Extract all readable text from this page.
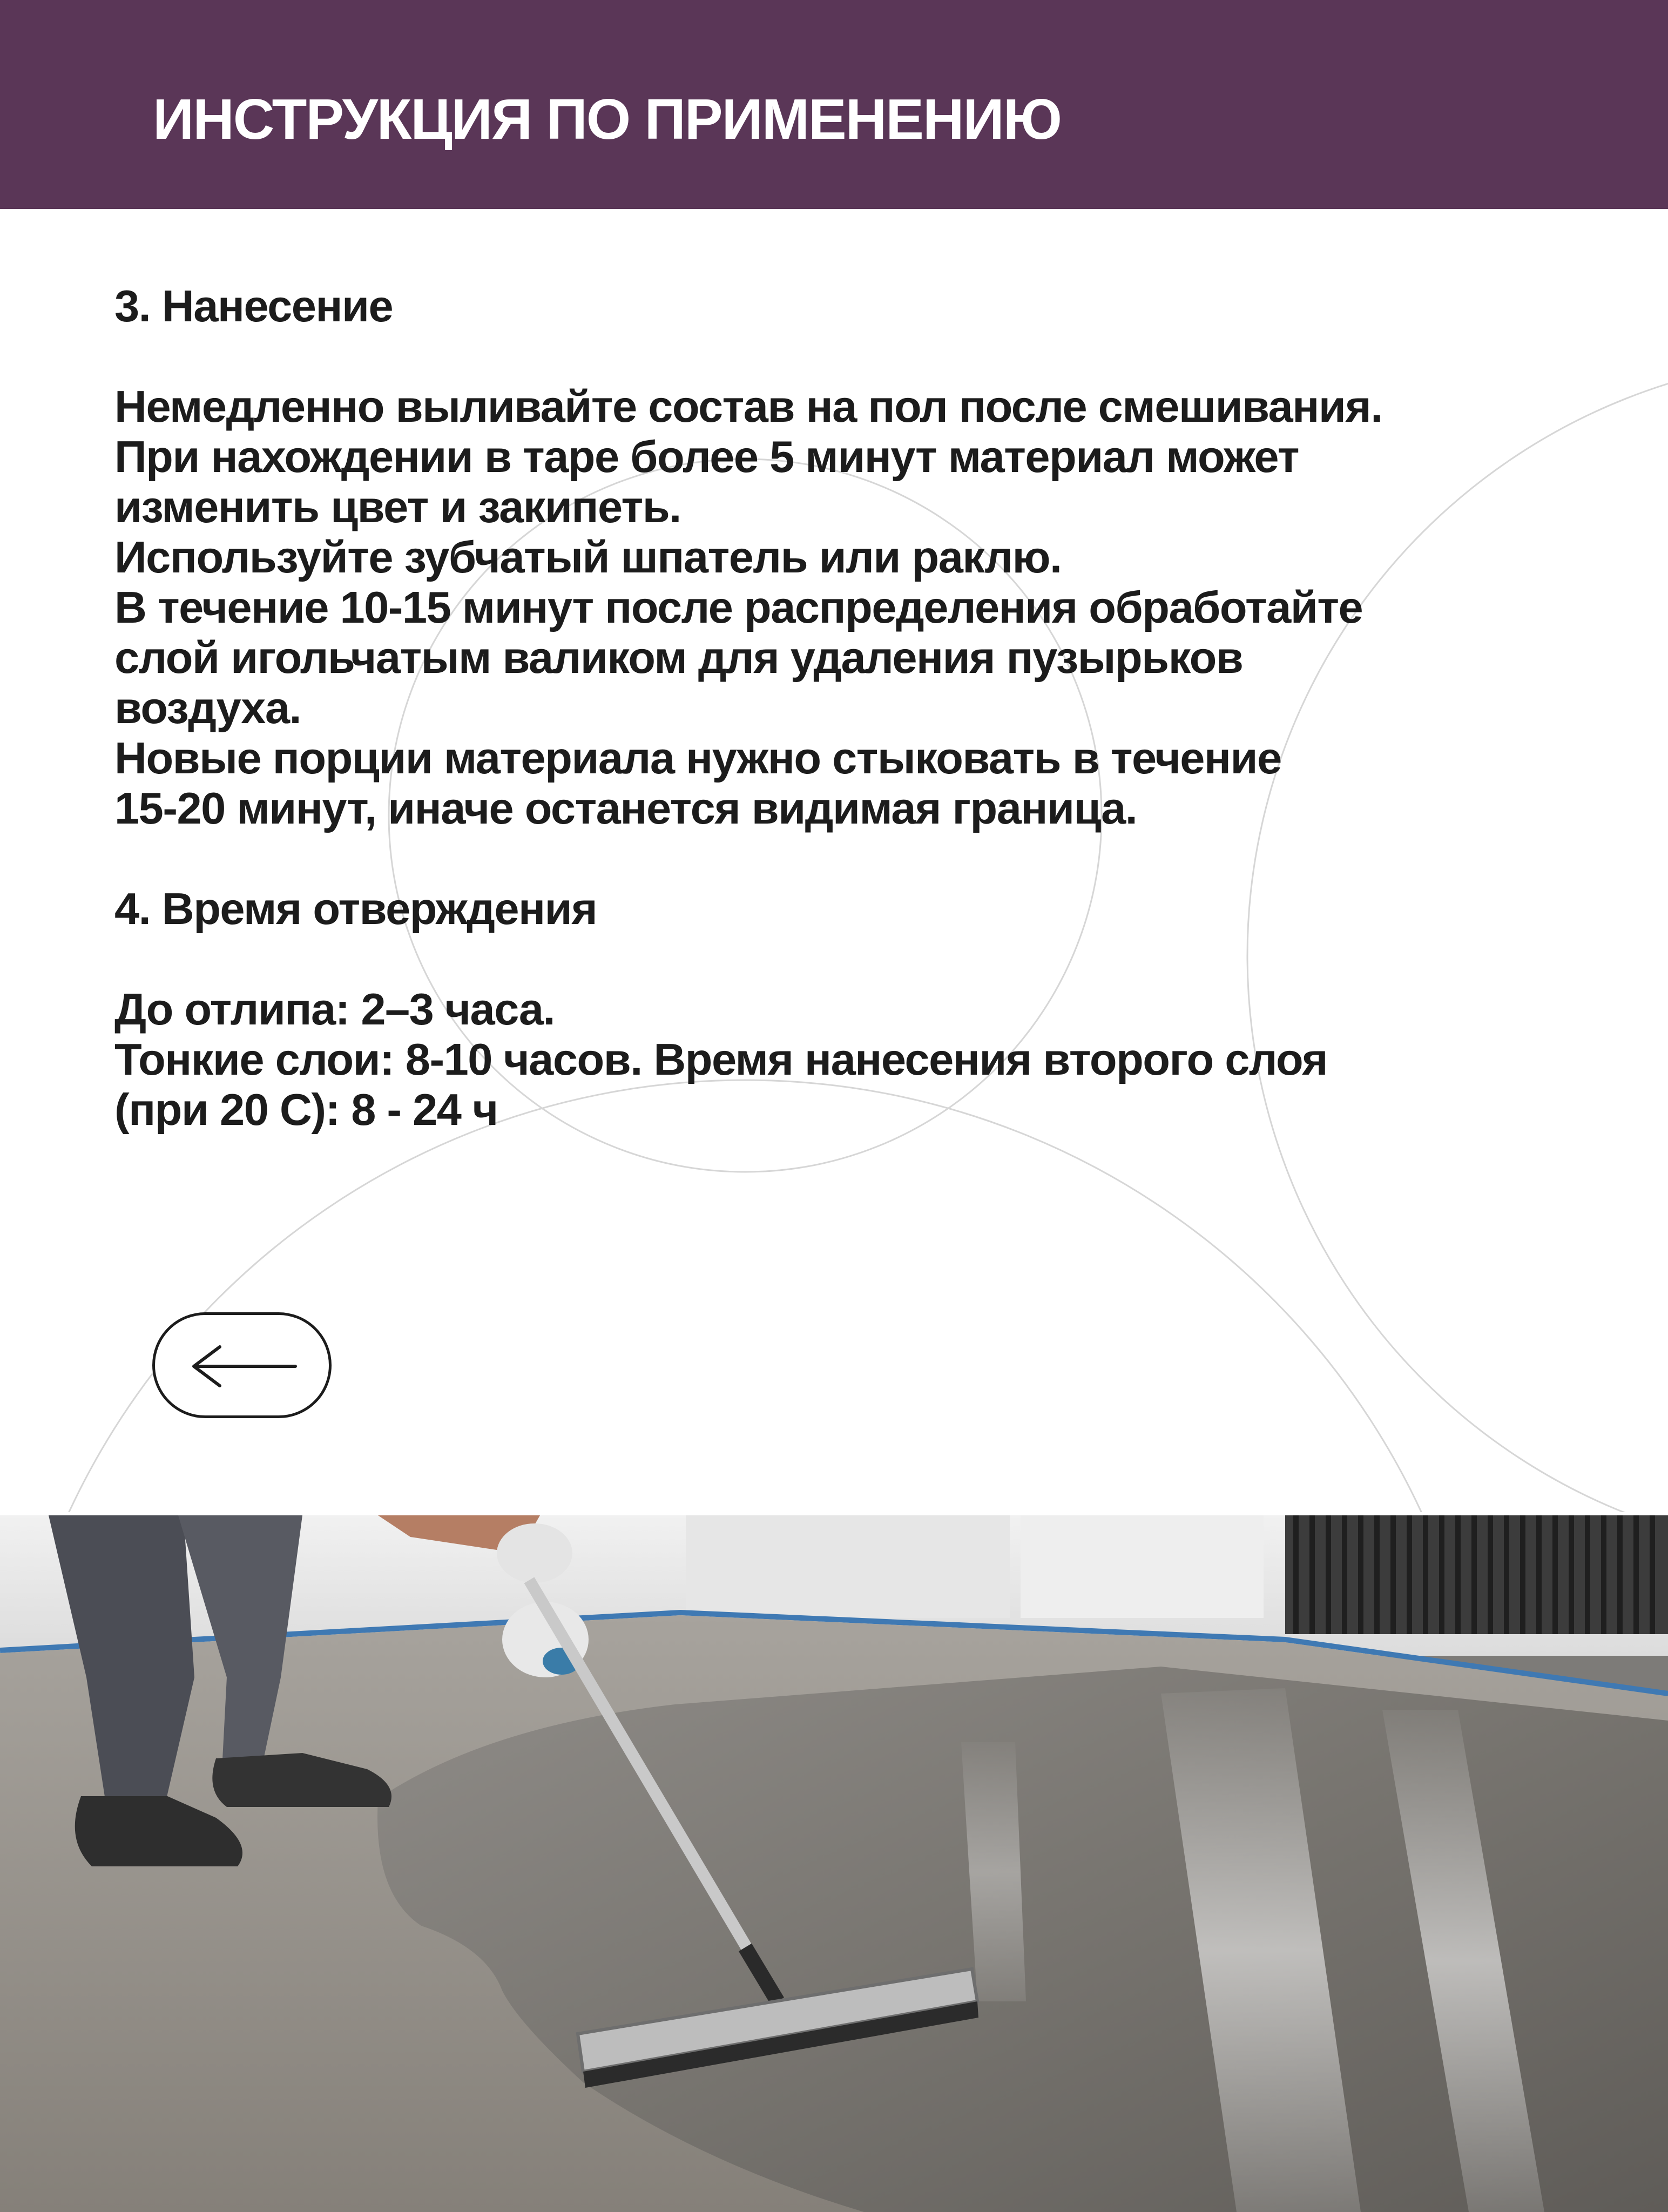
ИНСТРУКЦИЯ ПО ПРИМЕНЕНИЮ

3. Нанесение

Немедленно выливайте состав на пол после смешивания.

При нахождении в таре более 5 минут материал может

изменить цвет и закипеть.

Используйте зубчатый шпатель или раклю.

В течение 10-15 минут после распределения обработайте

слой игольчатым валиком для удаления пузырьков

воздуха.

Новые порции материала нужно стыковать в течение

15-20 минут, иначе останется видимая граница.

4. Время отверждения

До отлипа: 2–3 часа.

Тонкие слои: 8-10 часов. Время нанесения второго слоя

(при 20 С): 8 - 24 ч
